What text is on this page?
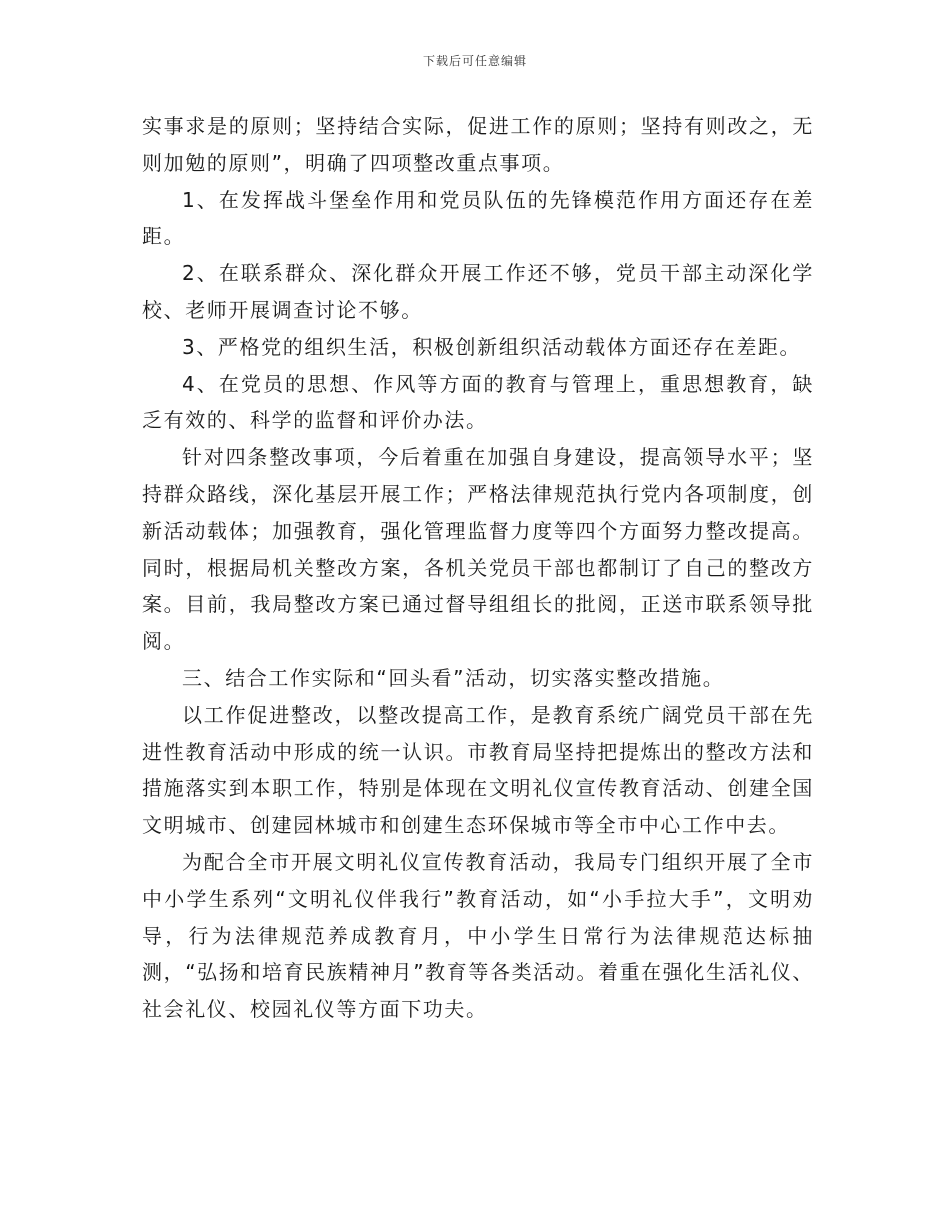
下载后可任意编辑

实事求是的原则；坚持结合实际，促进工作的原则；坚持有则改之，无则加勉的原则”，明确了四项整改重点事项。

1、在发挥战斗堡垒作用和党员队伍的先锋模范作用方面还存在差距。

2、在联系群众、深化群众开展工作还不够，党员干部主动深化学校、老师开展调查讨论不够。

3、严格党的组织生活，积极创新组织活动载体方面还存在差距。

4、在党员的思想、作风等方面的教育与管理上，重思想教育，缺乏有效的、科学的监督和评价办法。

针对四条整改事项，今后着重在加强自身建设，提高领导水平；坚持群众路线，深化基层开展工作；严格法律规范执行党内各项制度，创新活动载体；加强教育，强化管理监督力度等四个方面努力整改提高。同时，根据局机关整改方案，各机关党员干部也都制订了自己的整改方案。目前，我局整改方案已通过督导组组长的批阅，正送市联系领导批阅。

三、结合工作实际和“回头看”活动，切实落实整改措施。

以工作促进整改，以整改提高工作，是教育系统广阔党员干部在先进性教育活动中形成的统一认识。市教育局坚持把提炼出的整改方法和措施落实到本职工作，特别是体现在文明礼仪宣传教育活动、创建全国文明城市、创建园林城市和创建生态环保城市等全市中心工作中去。

为配合全市开展文明礼仪宣传教育活动，我局专门组织开展了全市中小学生系列“文明礼仪伴我行”教育活动，如“小手拉大手”，文明劝导，行为法律规范养成教育月，中小学生日常行为法律规范达标抽测，“弘扬和培育民族精神月”教育等各类活动。着重在强化生活礼仪、社会礼仪、校园礼仪等方面下功夫。
